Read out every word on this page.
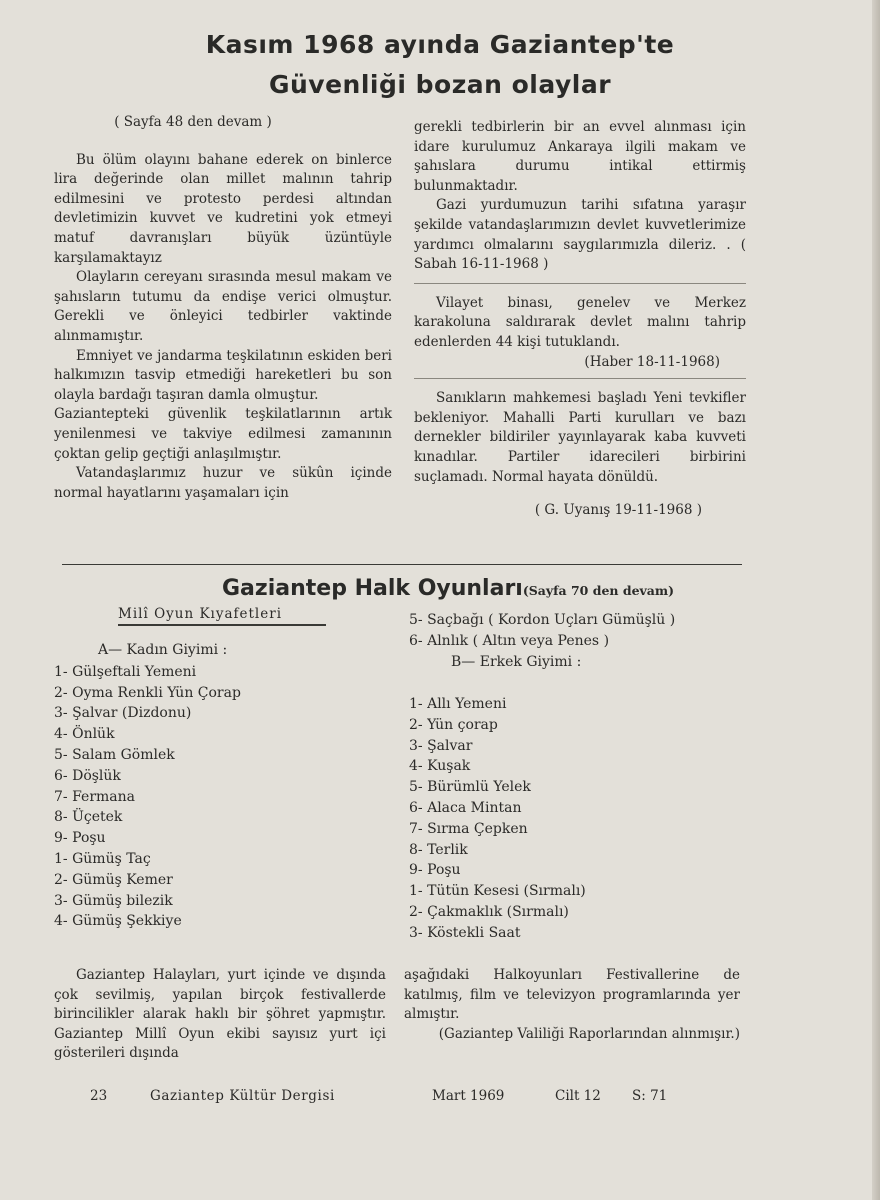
Kasım 1968 ayında Gaziantep'te
Güvenliği bozan olaylar

( Sayfa 48 den devam )

Bu ölüm olayını bahane ederek on binlerce lira değerinde olan millet malının tahrip edilmesini ve protesto perdesi altından devletimizin kuvvet ve kudretini yok etmeyi matuf davranışları büyük üzüntüyle karşılamaktayız

Olayların cereyanı sırasında mesul makam ve şahısların tutumu da endişe verici olmuştur. Gerekli ve önleyici tedbirler vaktinde alınmamıştır.

Emniyet ve jandarma teşkilatının eskiden beri halkımızın tasvip etmediği hareketleri bu son olayla bardağı taşıran damla olmuştur.

Gaziantepteki güvenlik teşkilatlarının artık yenilenmesi ve takviye edilmesi zamanının çoktan gelip geçtiği anlaşılmıştır.

Vatandaşlarımız huzur ve sükûn içinde normal hayatlarını yaşamaları için

gerekli tedbirlerin bir an evvel alınması için idare kurulumuz Ankaraya ilgili makam ve şahıslara durumu intikal ettirmiş bulunmaktadır.

Gazi yurdumuzun tarihi sıfatına yaraşır şekilde vatandaşlarımızın devlet kuvvetlerimize yardımcı olmalarını saygılarımızla dileriz. . ( Sabah 16-11-1968 )

Vilayet binası, genelev ve Merkez karakoluna saldırarak devlet malını tahrip edenlerden 44 kişi tutuklandı.

(Haber 18-11-1968)

Sanıkların mahkemesi başladı Yeni tevkifler bekleniyor. Mahalli Parti kurulları ve bazı dernekler bildiriler yayınlayarak kaba kuvveti kınadılar. Partiler idarecileri birbirini suçlamadı. Normal hayata dönüldü.

( G. Uyanış 19-11-1968 )

Gaziantep Halk Oyunları(Sayfa 70 den devam)
Milî Oyun Kıyafetleri
A— Kadın Giyimi :
1- Gülşeftali Yemeni
2- Oyma Renkli Yün Çorap
3- Şalvar (Dizdonu)
4- Önlük
5- Salam Gömlek
6- Döşlük
7- Fermana
8- Üçetek
9- Poşu
1- Gümüş Taç
2- Gümüş Kemer
3- Gümüş bilezik
4- Gümüş Şekkiye
5- Saçbağı ( Kordon Uçları Gümüşlü )
6- Alnlık ( Altın veya Penes )
B— Erkek Giyimi :
1- Allı Yemeni
2- Yün çorap
3- Şalvar
4- Kuşak
5- Bürümlü Yelek
6- Alaca Mintan
7- Sırma Çepken
8- Terlik
9- Poşu
1- Tütün Kesesi (Sırmalı)
2- Çakmaklık (Sırmalı)
3- Köstekli Saat

Gaziantep Halayları, yurt içinde ve dışında çok sevilmiş, yapılan birçok festivallerde birincilikler alarak haklı bir şöhret yapmıştır. Gaziantep Millî Oyun ekibi sayısız yurt içi gösterileri dışında

aşağıdaki Halkoyunları Festivallerine de katılmış, film ve televizyon programlarında yer almıştır.

(Gaziantep Valiliği Raporlarından alınmışır.)

23	Gaziantep Kültür Dergisi	Mart 1969	Cilt 12 S: 71
